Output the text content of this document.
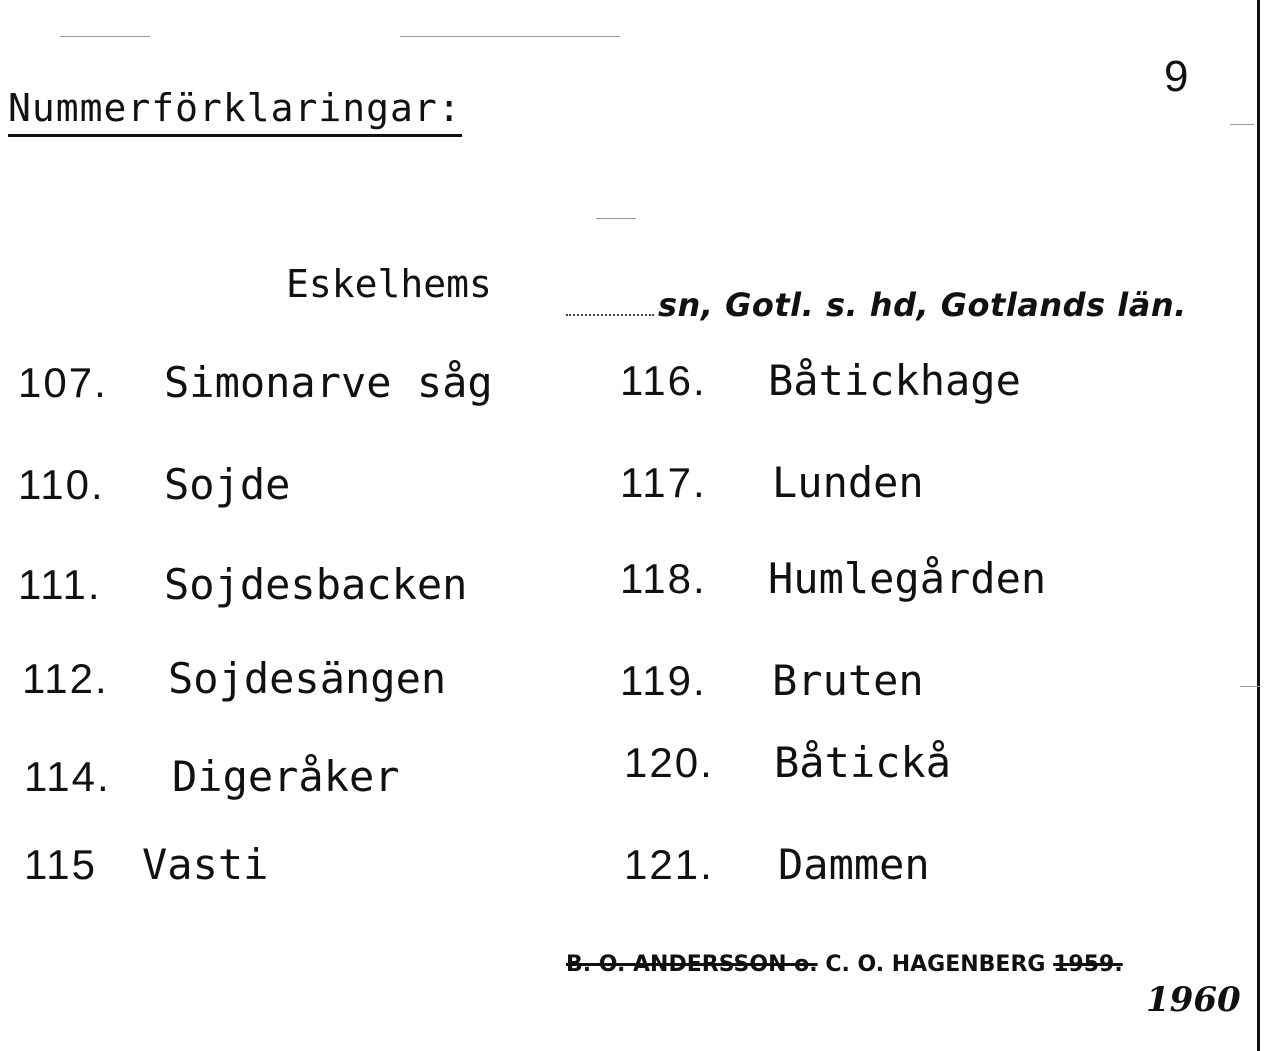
Nummerförklaringar:
9
Eskelhems	sn, Gotl. s. hd, Gotlands län.
107. Simonarve såg
110. Sojde
111. Sojdesbacken
112. Sojdesängen
114. Digeråker
115 Vasti
116. Båtickhage
117. Lunden
118. Humlegården
119. Bruten
120. Båtickå
121. Dammen
B. O. ANDERSSON o. C. O. HAGENBERG 1959.
1960
